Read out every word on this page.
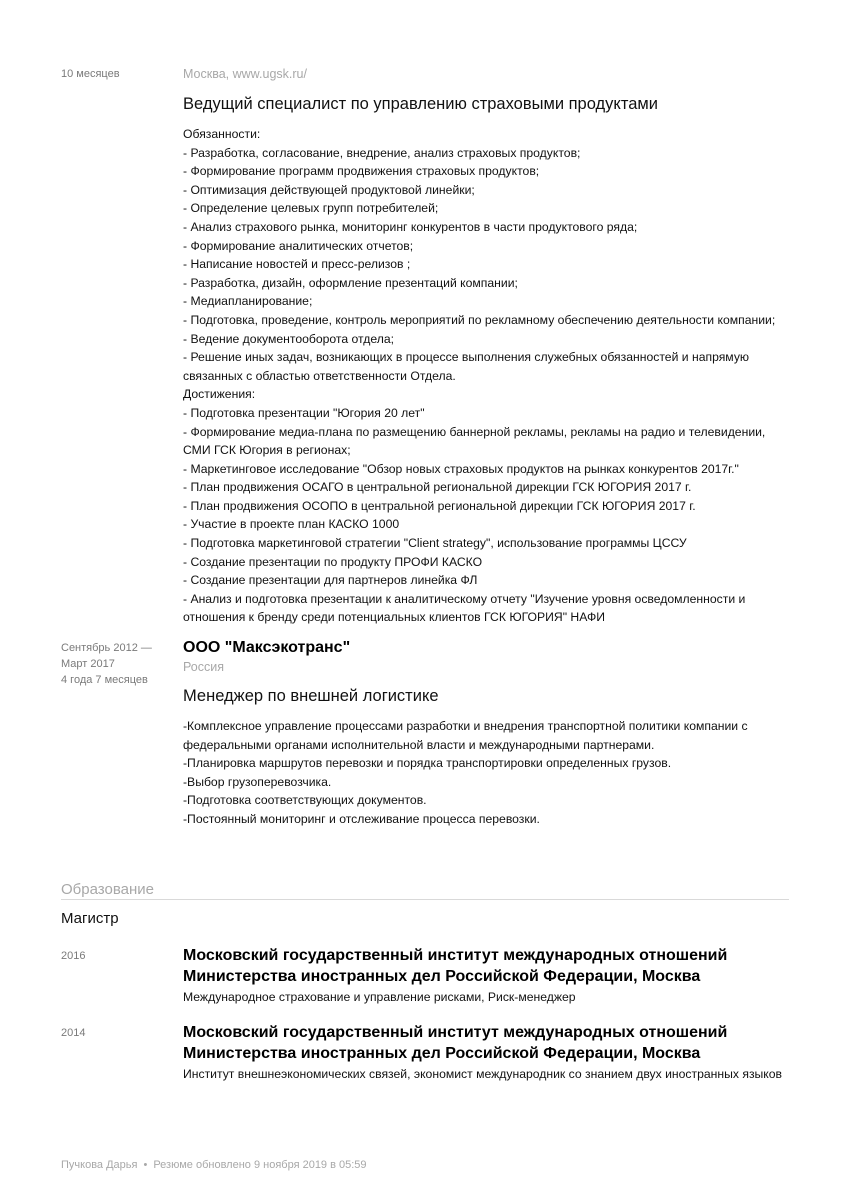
10 месяцев	Москва, www.ugsk.ru/
Ведущий специалист по управлению страховыми продуктами
Обязанности:
- Разработка, согласование, внедрение, анализ страховых продуктов;
- Формирование программ продвижения страховых продуктов;
- Оптимизация действующей продуктовой линейки;
- Определение целевых групп потребителей;
- Анализ страхового рынка, мониторинг конкурентов в части продуктового ряда;
- Формирование аналитических отчетов;
- Написание новостей и пресс-релизов ;
- Разработка, дизайн, оформление презентаций компании;
- Медиапланирование;
- Подготовка, проведение, контроль мероприятий по рекламному обеспечению деятельности компании;
- Ведение документооборота отдела;
- Решение иных задач, возникающих в процессе выполнения служебных обязанностей и напрямую связанных с областью ответственности Отдела.
Достижения:
- Подготовка презентации "Югория 20 лет"
- Формирование медиа-плана по размещению баннерной рекламы, рекламы на радио и телевидении, СМИ ГСК Югория в регионах;
- Маркетинговое исследование "Обзор новых страховых продуктов на рынках конкурентов 2017г."
- План продвижения ОСАГО в центральной региональной дирекции ГСК ЮГОРИЯ 2017 г.
- План продвижения ОСОПО в центральной региональной дирекции ГСК ЮГОРИЯ 2017 г.
- Участие в проекте план КАСКО 1000
- Подготовка маркетинговой стратегии "Client strategy", использование программы ЦССУ
- Создание презентации по продукту ПРОФИ КАСКО
- Создание презентации для партнеров линейка ФЛ
- Анализ и подготовка презентации к аналитическому отчету "Изучение уровня осведомленности и отношения к бренду среди потенциальных клиентов ГСК ЮГОРИЯ" НАФИ
Сентябрь 2012 — Март 2017
4 года 7 месяцев
ООО "Максэкотранс"
Россия
Менеджер по внешней логистике
-Комплексное управление процессами разработки и внедрения транспортной политики компании с федеральными органами исполнительной власти и международными партнерами.
-Планировка маршрутов перевозки и порядка транспортировки определенных грузов.
-Выбор грузоперевозчика.
-Подготовка соответствующих документов.
-Постоянный мониторинг и отслеживание процесса перевозки.
Образование
Магистр
2016	Московский государственный институт международных отношений Министерства иностранных дел Российской Федерации, Москва
Международное страхование и управление рисками, Риск-менеджер
2014	Московский государственный институт международных отношений Министерства иностранных дел Российской Федерации, Москва
Институт внешнеэкономических связей, экономист международник со знанием двух иностранных языков
Пучкова Дарья • Резюме обновлено 9 ноября 2019 в 05:59
